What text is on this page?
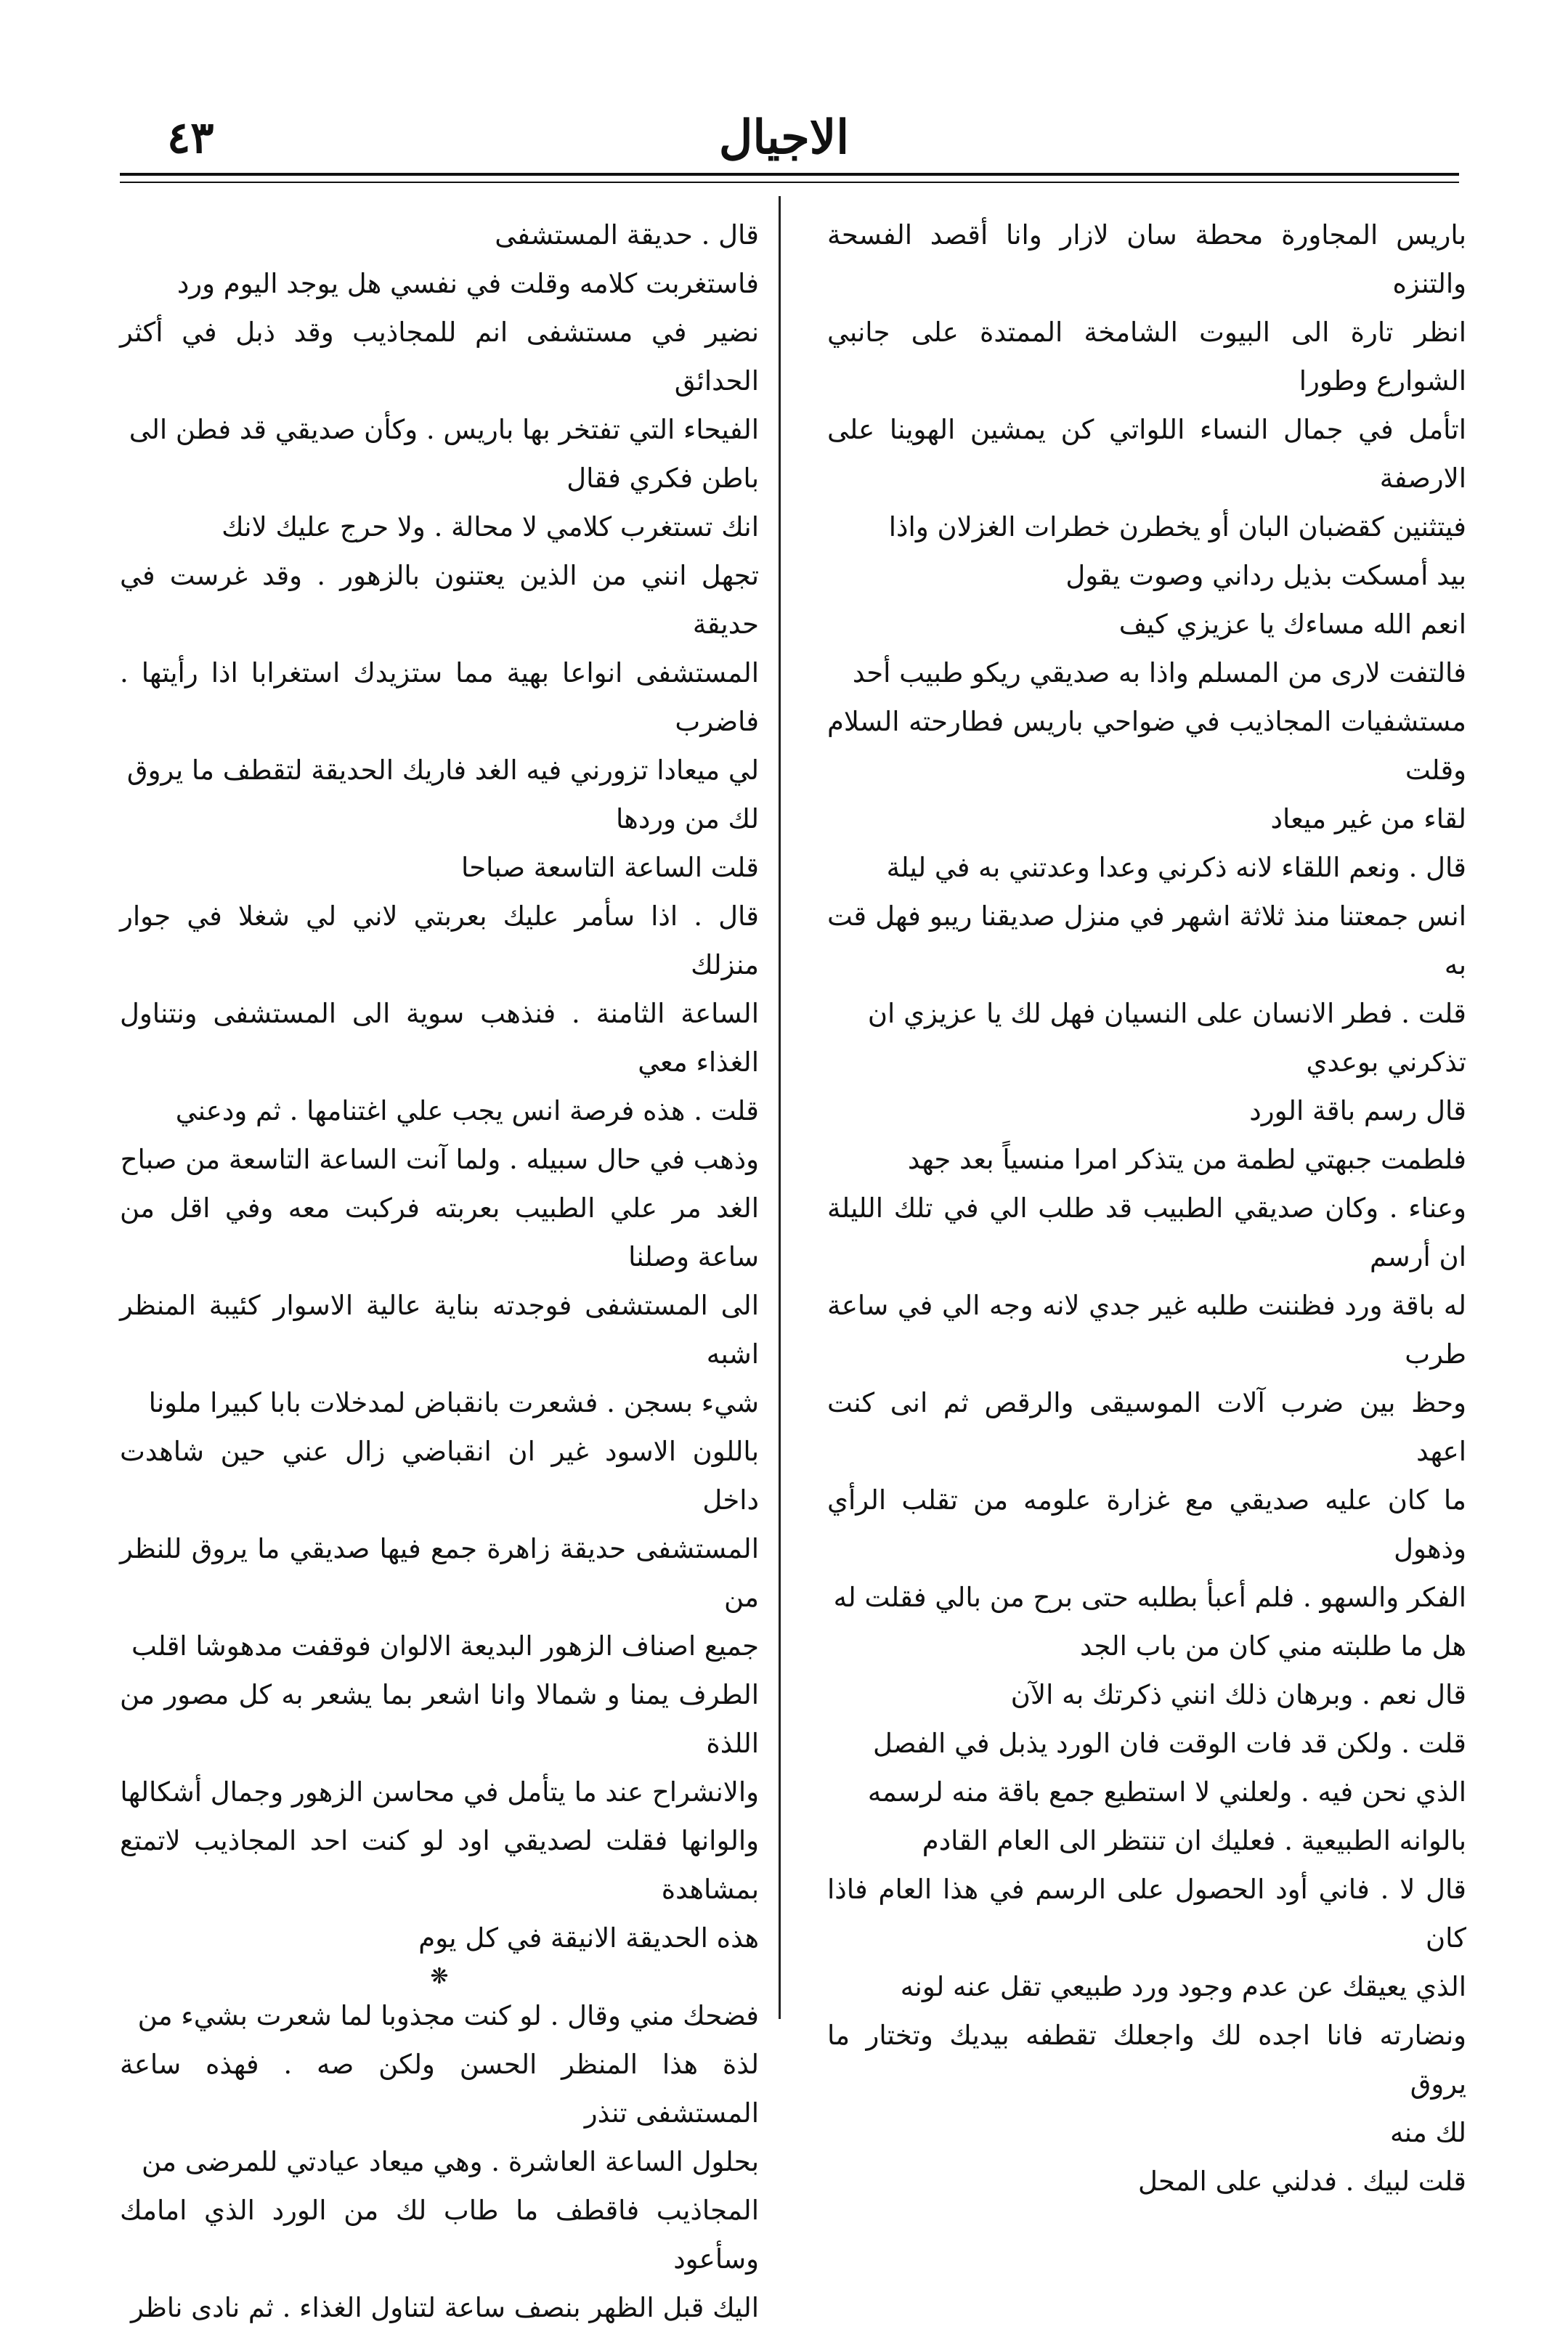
الاجيال
٤٣
باريس المجاورة محطة سان لازار وانا أقصد الفسحة والتنزه
انظر تارة الى البيوت الشامخة الممتدة على جانبي الشوارع وطورا
اتأمل في جمال النساء اللواتي كن يمشين الهوينا على الارصفة
فيتثنين كقضبان البان أو يخطرن خطرات الغزلان واذا
بيد أمسكت بذيل رداني وصوت يقول
انعم الله مساءك يا عزيزي كيف
فالتفت لارى من المسلم واذا به صديقي ريكو طبيب أحد
مستشفيات المجاذيب في ضواحي باريس فطارحته السلام وقلت
لقاء من غير ميعاد
قال . ونعم اللقاء لانه ذكرني وعدا وعدتني به في ليلة
انس جمعتنا منذ ثلاثة اشهر في منزل صديقنا ريبو فهل قت به
قلت . فطر الانسان على النسيان فهل لك يا عزيزي ان
تذكرني بوعدي
قال رسم باقة الورد
فلطمت جبهتي لطمة من يتذكر امرا منسياً بعد جهد
وعناء . وكان صديقي الطبيب قد طلب الي في تلك الليلة ان أرسم
له باقة ورد فظننت طلبه غير جدي لانه وجه الي في ساعة طرب
وحظ بين ضرب آلات الموسيقى والرقص ثم انى كنت اعهد
ما كان عليه صديقي مع غزارة علومه من تقلب الرأي وذهول
الفكر والسهو . فلم أعبأ بطلبه حتى برح من بالي فقلت له
هل ما طلبته مني كان من باب الجد
قال نعم . وبرهان ذلك انني ذكرتك به الآن
قلت . ولكن قد فات الوقت فان الورد يذبل في الفصل
الذي نحن فيه . ولعلني لا استطيع جمع باقة منه لرسمه
بالوانه الطبيعية . فعليك ان تنتظر الى العام القادم
قال لا . فاني أود الحصول على الرسم في هذا العام فاذا كان
الذي يعيقك عن عدم وجود ورد طبيعي تقل عنه لونه
ونضارته فانا اجده لك واجعلك تقطفه بيديك وتختار ما يروق
لك منه
قلت لبيك . فدلني على المحل
قال . حديقة المستشفى
فاستغربت كلامه وقلت في نفسي هل يوجد اليوم ورد
نضير في مستشفى انم للمجاذيب وقد ذبل في أكثر الحدائق
الفيحاء التي تفتخر بها باريس . وكأن صديقي قد فطن الى
باطن فكري فقال
انك تستغرب كلامي لا محالة . ولا حرج عليك لانك
تجهل انني من الذين يعتنون بالزهور . وقد غرست في حديقة
المستشفى انواعا بهية مما ستزيدك استغرابا اذا رأيتها . فاضرب
لي ميعادا تزورني فيه الغد فاريك الحديقة لتقطف ما يروق
لك من وردها
قلت الساعة التاسعة صباحا
قال . اذا سأمر عليك بعربتي لاني لي شغلا في جوار منزلك
الساعة الثامنة . فنذهب سوية الى المستشفى ونتناول الغذاء معي
قلت . هذه فرصة انس يجب علي اغتنامها . ثم ودعني
وذهب في حال سبيله . ولما آنت الساعة التاسعة من صباح
الغد مر علي الطبيب بعربته فركبت معه وفي اقل من ساعة وصلنا
الى المستشفى فوجدته بناية عالية الاسوار كئيبة المنظر اشبه
شيء بسجن . فشعرت بانقباض لمدخلات بابا كبيرا ملونا
باللون الاسود غير ان انقباضي زال عني حين شاهدت داخل
المستشفى حديقة زاهرة جمع فيها صديقي ما يروق للنظر من
جميع اصناف الزهور البديعة الالوان فوقفت مدهوشا اقلب
الطرف يمنا و شمالا وانا اشعر بما يشعر به كل مصور من اللذة
والانشراح عند ما يتأمل في محاسن الزهور وجمال أشكالها
والوانها فقلت لصديقي اود لو كنت احد المجاذيب لاتمتع بمشاهدة
هذه الحديقة الانيقة في كل يوم
❋
فضحك مني وقال . لو كنت مجذوبا لما شعرت بشيء من
لذة هذا المنظر الحسن ولكن صه . فهذه ساعة المستشفى تنذر
بحلول الساعة العاشرة . وهي ميعاد عيادتي للمرضى من
المجاذيب فاقطف ما طاب لك من الورد الذي امامك وسأعود
اليك قبل الظهر بنصف ساعة لتناول الغذاء . ثم نادى ناظر
